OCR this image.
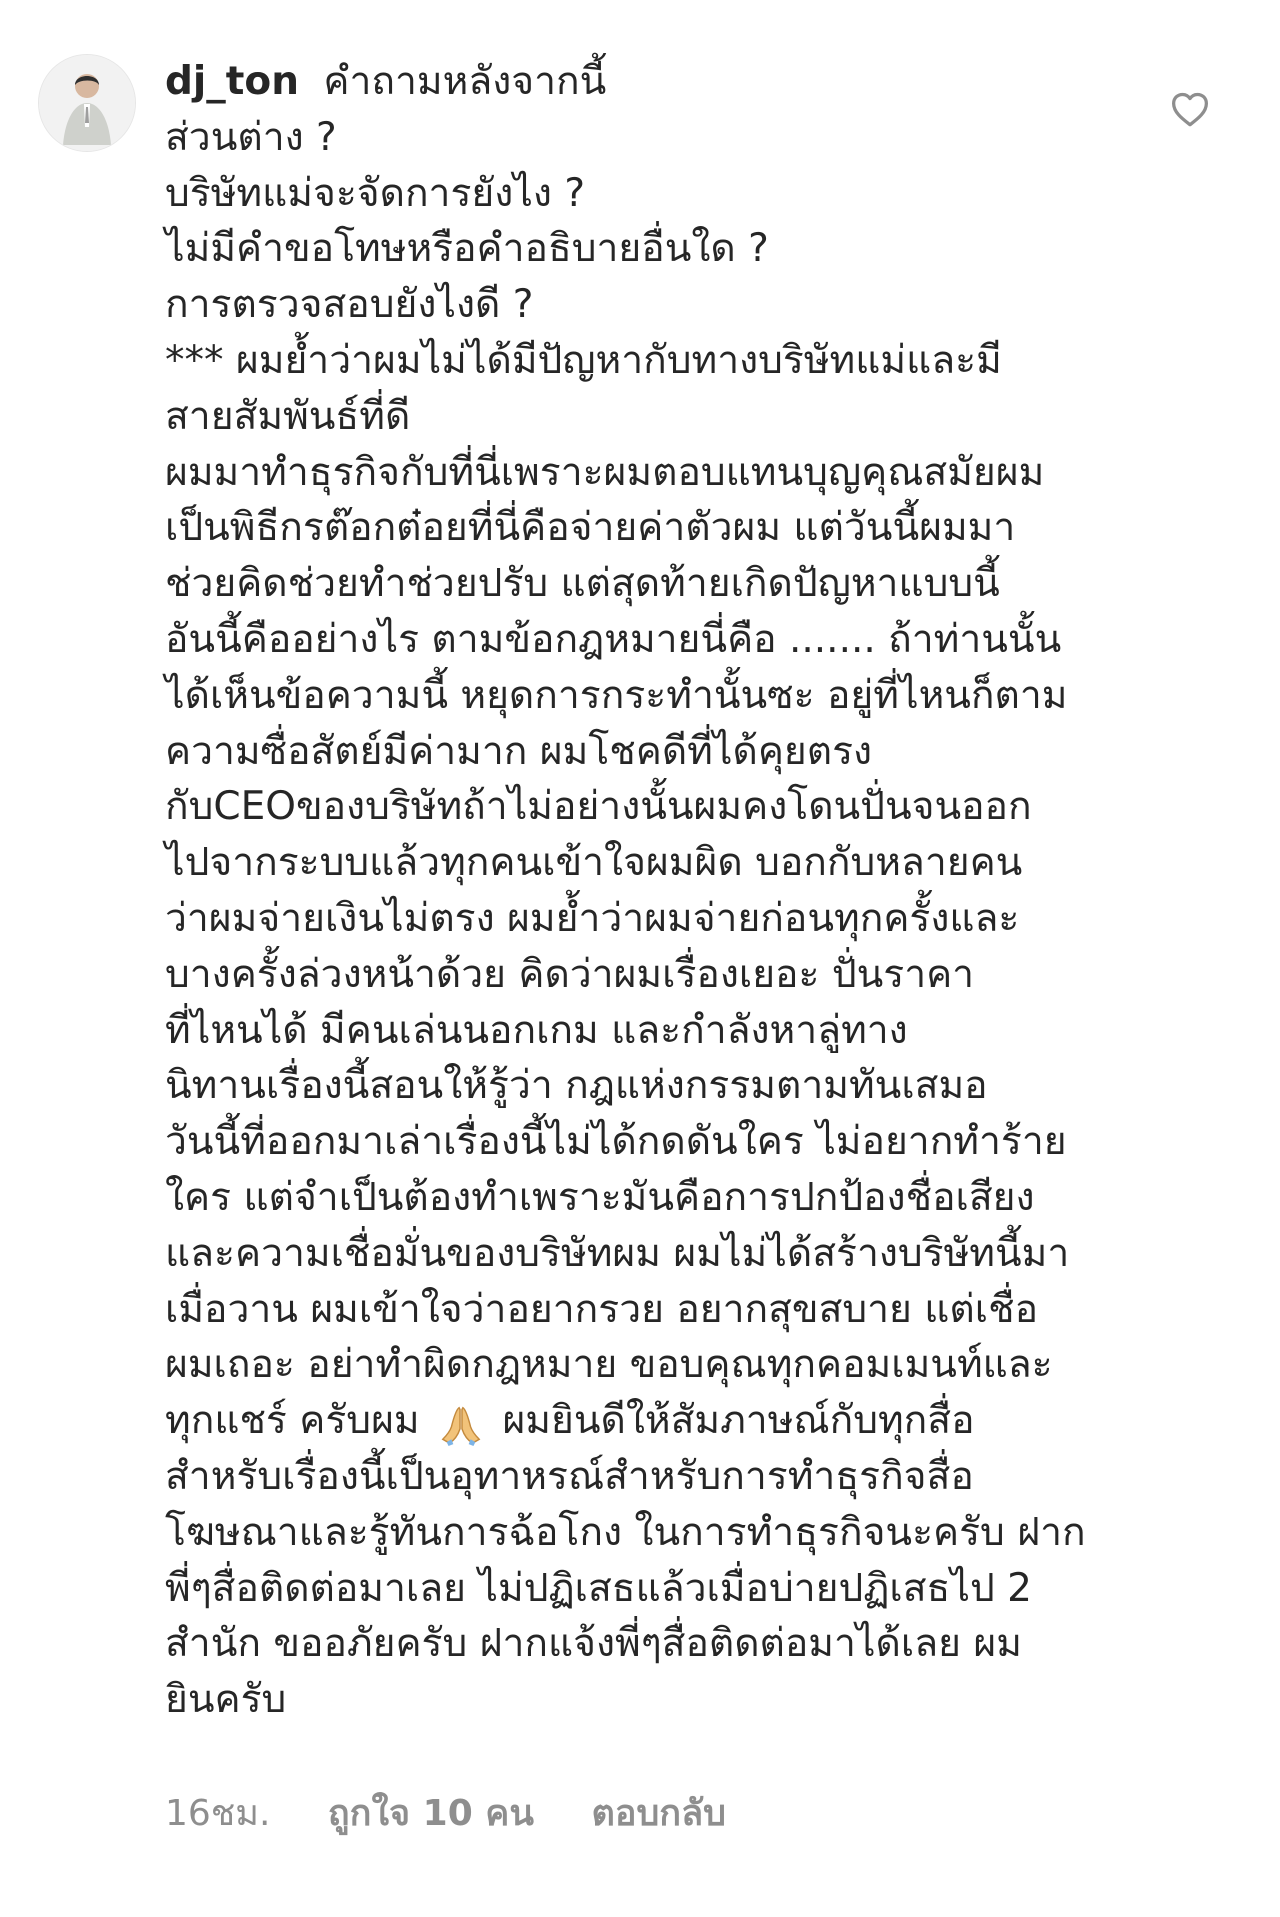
dj_ton คำถามหลังจากนี้
ส่วนต่าง ?
บริษัทแม่จะจัดการยังไง ?
ไม่มีคำขอโทษหรือคำอธิบายอื่นใด ?
การตรวจสอบยังไงดี ?
*** ผมย้ำว่าผมไม่ได้มีปัญหากับทางบริษัทแม่และมี
สายสัมพันธ์ที่ดี
ผมมาทำธุรกิจกับที่นี่เพราะผมตอบแทนบุญคุณสมัยผม
เป็นพิธีกรต๊อกต๋อยที่นี่คือจ่ายค่าตัวผม แต่วันนี้ผมมา
ช่วยคิดช่วยทำช่วยปรับ แต่สุดท้ายเกิดปัญหาแบบนี้
อันนี้คืออย่างไร ตามข้อกฎหมายนี่คือ ....... ถ้าท่านนั้น
ได้เห็นข้อความนี้ หยุดการกระทำนั้นซะ อยู่ที่ไหนก็ตาม
ความซื่อสัตย์มีค่ามาก ผมโชคดีที่ได้คุยตรง
กับCEOของบริษัทถ้าไม่อย่างนั้นผมคงโดนปั่นจนออก
ไปจากระบบแล้วทุกคนเข้าใจผมผิด บอกกับหลายคน
ว่าผมจ่ายเงินไม่ตรง ผมย้ำว่าผมจ่ายก่อนทุกครั้งและ
บางครั้งล่วงหน้าด้วย คิดว่าผมเรื่องเยอะ ปั่นราคา
ที่ไหนได้ มีคนเล่นนอกเกม และกำลังหาลู่ทาง
นิทานเรื่องนี้สอนให้รู้ว่า กฎแห่งกรรมตามทันเสมอ
วันนี้ที่ออกมาเล่าเรื่องนี้ไม่ได้กดดันใคร ไม่อยากทำร้าย
ใคร แต่จำเป็นต้องทำเพราะมันคือการปกป้องชื่อเสียง
และความเชื่อมั่นของบริษัทผม ผมไม่ได้สร้างบริษัทนี้มา
เมื่อวาน ผมเข้าใจว่าอยากรวย อยากสุขสบาย แต่เชื่อ
ผมเถอะ อย่าทำผิดกฎหมาย ขอบคุณทุกคอมเมนท์และ
ทุกแชร์ ครับผม ผมยินดีให้สัมภาษณ์กับทุกสื่อ
สำหรับเรื่องนี้เป็นอุทาหรณ์สำหรับการทำธุรกิจสื่อ
โฆษณาและรู้ทันการฉ้อโกง ในการทำธุรกิจนะครับ ฝาก
พี่ๆสื่อติดต่อมาเลย ไม่ปฏิเสธแล้วเมื่อบ่ายปฏิเสธไป 2
สำนัก ขออภัยครับ ฝากแจ้งพี่ๆสื่อติดต่อมาได้เลย ผม
ยินครับ
16ชม. ถูกใจ 10 คน ตอบกลับ
